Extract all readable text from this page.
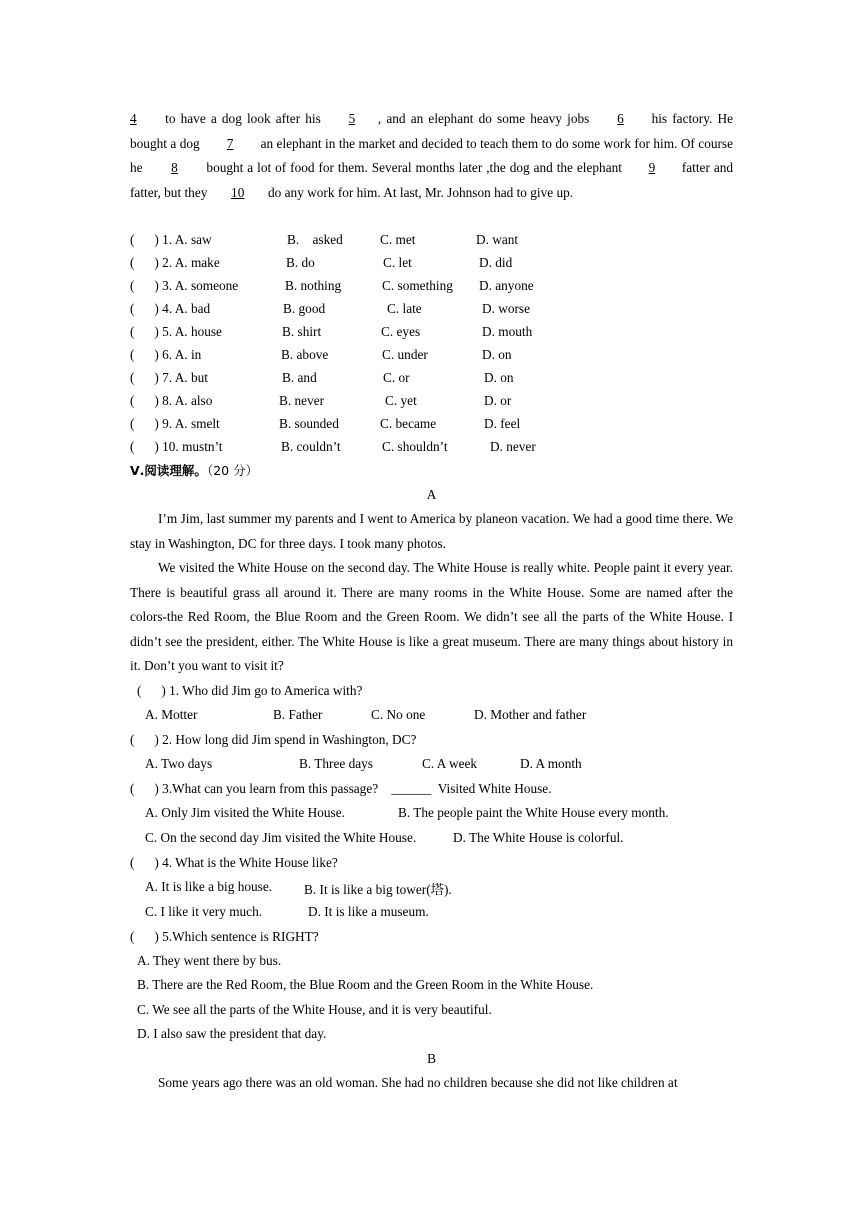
4 to have a dog look after his 5 , and an elephant do some heavy jobs 6 his factory. He bought a dog 7 an elephant in the market and decided to teach them to do some work for him. Of course he 8 bought a lot of food for them. Several months later ,the dog and the elephant 9 fatter and fatter, but they 10 do any work for him. At last, Mr. Johnson had to give up.
(      ) 1. A. saw	B.    asked	C. met	D. want
(      ) 2. A. make	B. do	C. let	D. did
(      ) 3. A. someone	B. nothing	C. something D. anyone
(      ) 4. A. bad	B. good	C. late	D. worse
(      ) 5. A. house	B. shirt	C. eyes	D. mouth
(      ) 6. A. in	B. above	C. under	D. on
(      ) 7. A. but	B. and	C. or	D. on
(      ) 8. A. also	B. never	C. yet	D. or
(      ) 9. A. smelt	B. sounded	C. became	D. feel
(      ) 10. mustn’t	B. couldn’t	C. shouldn’t	D. never
Ⅴ.阅读理解。（20 分）
A
I’m Jim, last summer my parents and I went to America by planeon vacation. We had a good time there. We stay in Washington, DC for three days. I took many photos.
We visited the White House on the second day. The White House is really white. People paint it every year. There is beautiful grass all around it. There are many rooms in the White House. Some are named after the colors-the Red Room, the Blue Room and the Green Room. We didn’t see all the parts of the White House. I didn’t see the president, either. The White House is like a great museum. There are many things about history in it. Don’t you want to visit it?
(      ) 1. Who did Jim go to America with?
A. Motter	B. Father	C. No one	D. Mother and father
(      ) 2. How long did Jim spend in Washington, DC?
A. Two days	B. Three days	C. A week	D. A month
(      ) 3.What can you learn from this passage?    ______  Visited White House.
A. Only Jim visited the White House.	B. The people paint the White House every month.
C. On the second day Jim visited the White House.	D. The White House is colorful.
(      ) 4. What is the White House like?
A. It is like a big house. B. It is like a big tower(塔).
C. I like it very much.	D. It is like a museum.
(      ) 5.Which sentence is RIGHT?
A. They went there by bus.
B. There are the Red Room, the Blue Room and the Green Room in the White House.
C. We see all the parts of the White House, and it is very beautiful.
D. I also saw the president that day.
B
Some years ago there was an old woman. She had no children because she did not like children at
